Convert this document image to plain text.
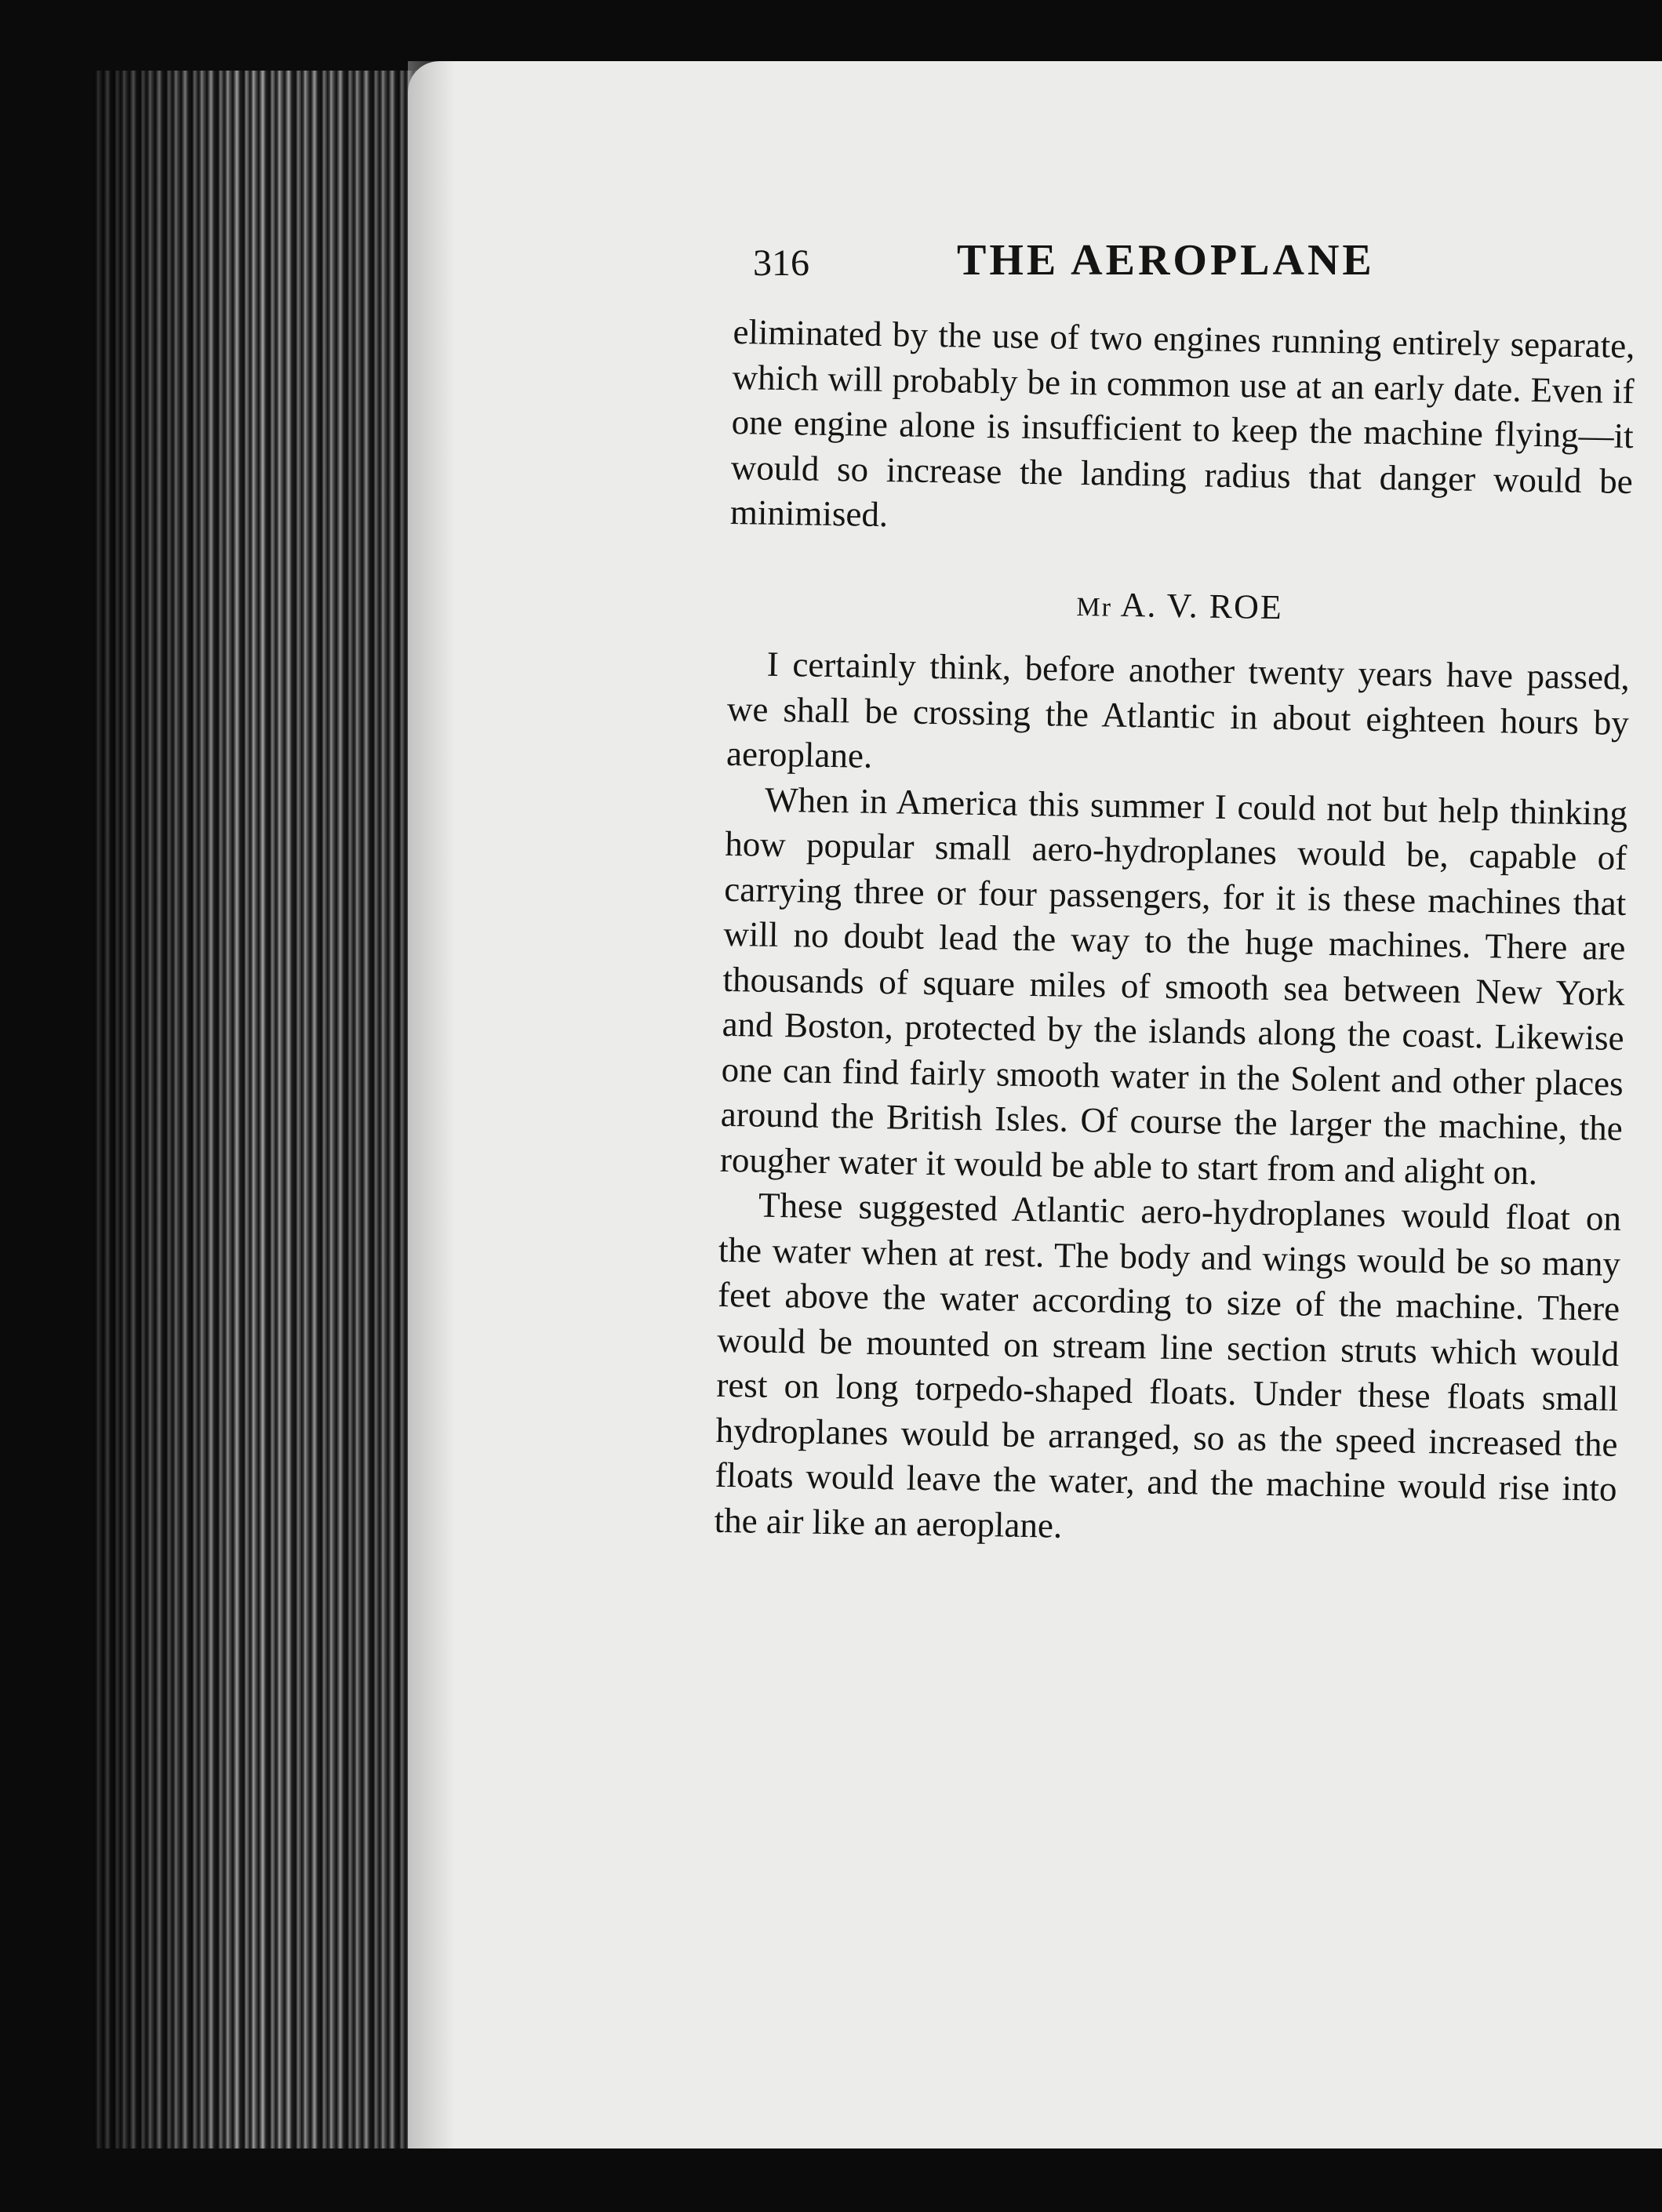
316	THE AEROPLANE

eliminated by the use of two engines running entirely separate, which will probably be in common use at an early date. Even if one engine alone is insufficient to keep the machine flying—it would so increase the landing radius that danger would be minimised.

Mr A. V. ROE

I certainly think, before another twenty years have passed, we shall be crossing the Atlantic in about eighteen hours by aeroplane.

When in America this summer I could not but help thinking how popular small aero-hydroplanes would be, capable of carrying three or four passengers, for it is these machines that will no doubt lead the way to the huge machines. There are thousands of square miles of smooth sea between New York and Boston, protected by the islands along the coast. Likewise one can find fairly smooth water in the Solent and other places around the British Isles. Of course the larger the machine, the rougher water it would be able to start from and alight on.

These suggested Atlantic aero-hydroplanes would float on the water when at rest. The body and wings would be so many feet above the water according to size of the machine. There would be mounted on stream line section struts which would rest on long torpedo-shaped floats. Under these floats small hydroplanes would be arranged, so as the speed increased the floats would leave the water, and the machine would rise into the air like an aeroplane.
